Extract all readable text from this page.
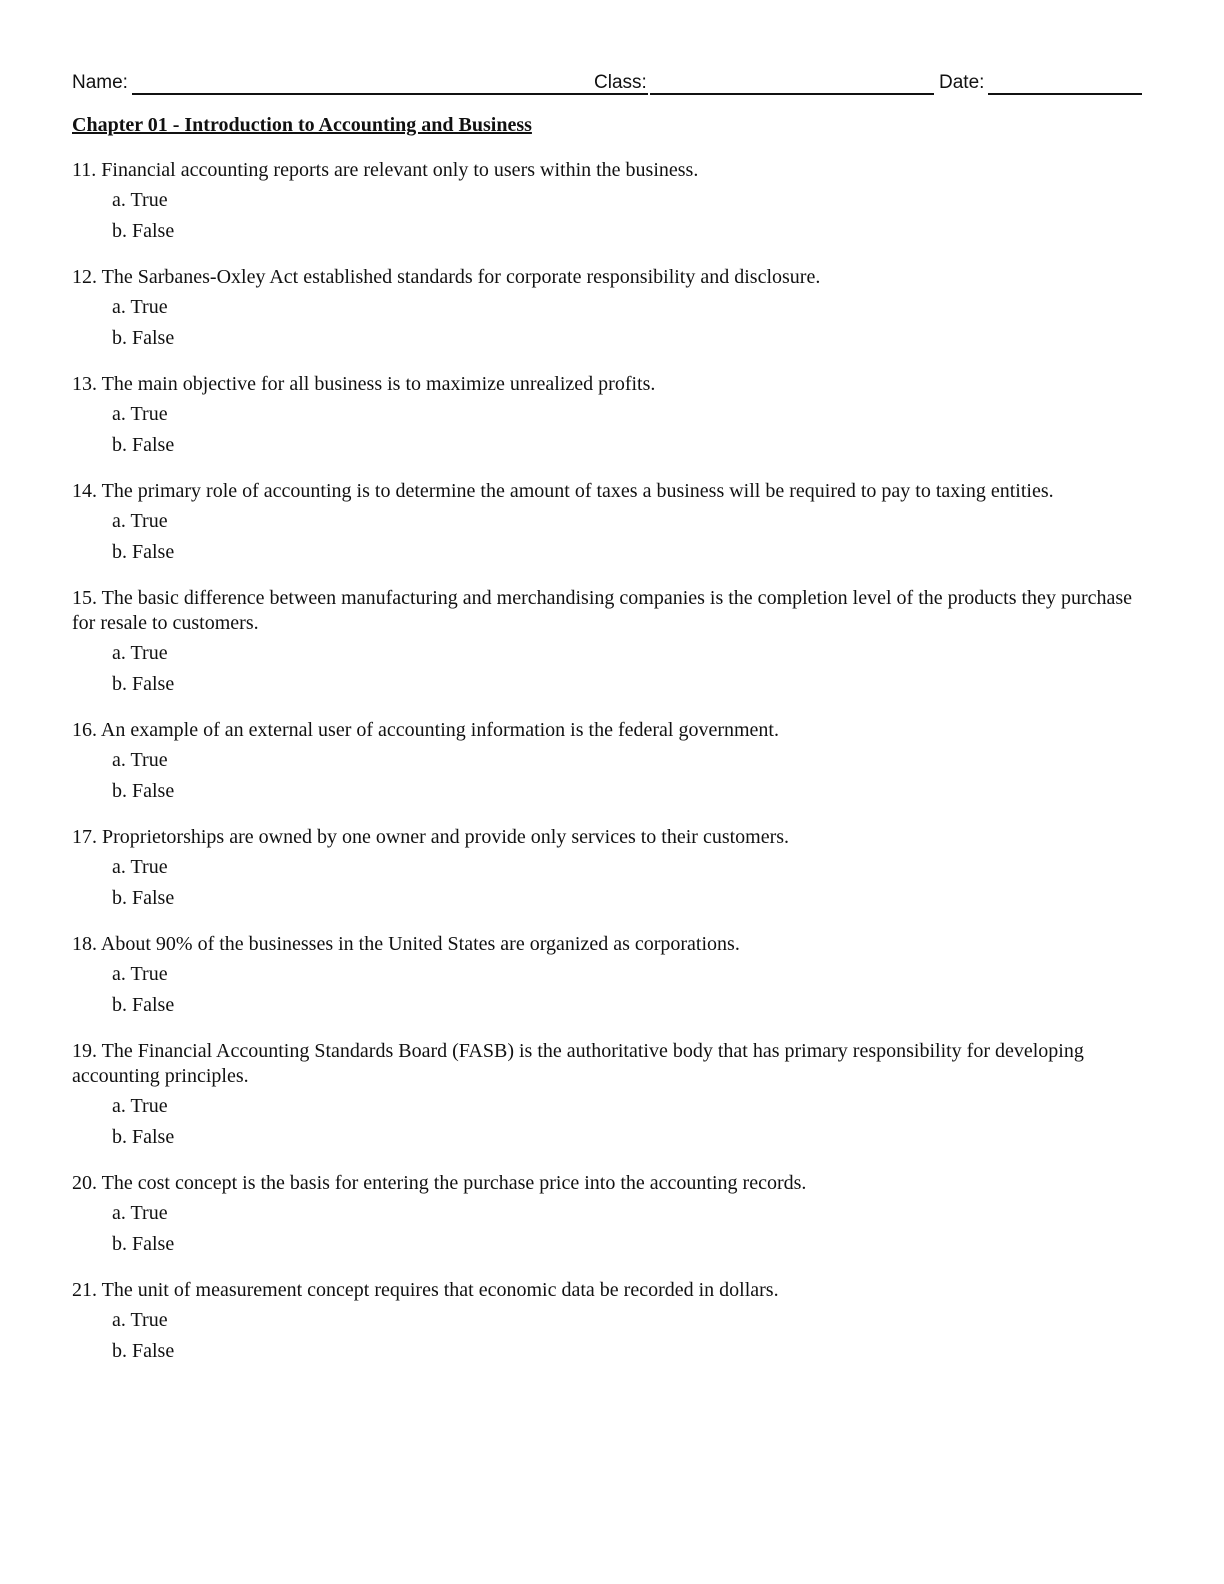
Name:	Class:	Date:
Chapter 01 - Introduction to Accounting and Business
11. Financial accounting reports are relevant only to users within the business.
a. True
b. False
12. The Sarbanes-Oxley Act established standards for corporate responsibility and disclosure.
a. True
b. False
13. The main objective for all business is to maximize unrealized profits.
a. True
b. False
14. The primary role of accounting is to determine the amount of taxes a business will be required to pay to taxing entities.
a. True
b. False
15. The basic difference between manufacturing and merchandising companies is the completion level of the products they purchase for resale to customers.
a. True
b. False
16. An example of an external user of accounting information is the federal government.
a. True
b. False
17. Proprietorships are owned by one owner and provide only services to their customers.
a. True
b. False
18. About 90% of the businesses in the United States are organized as corporations.
a. True
b. False
19. The Financial Accounting Standards Board (FASB) is the authoritative body that has primary responsibility for developing accounting principles.
a. True
b. False
20. The cost concept is the basis for entering the purchase price into the accounting records.
a. True
b. False
21. The unit of measurement concept requires that economic data be recorded in dollars.
a. True
b. False
